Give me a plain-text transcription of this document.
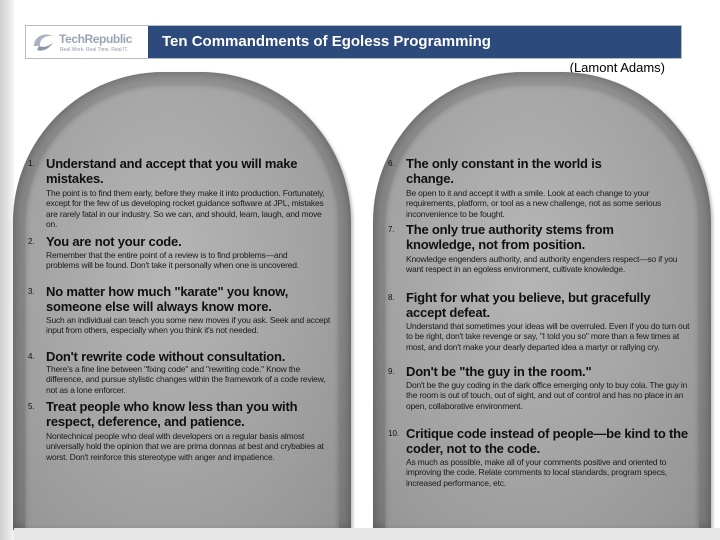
TechRepublic
Real Work. Real Time. Real IT. Ten Commandments of Egoless Programming
(Lamont Adams)
1. Understand and accept that you will make mistakes.
The point is to find them early, before they make it into production. Fortunately, except for the few of us developing rocket guidance software at JPL, mistakes are rarely fatal in our industry. So we can, and should, learn, laugh, and move on.
2. You are not your code.
Remember that the entire point of a review is to find problems—and problems will be found. Don't take it personally when one is uncovered.
3. No matter how much "karate" you know, someone else will always know more.
Such an individual can teach you some new moves if you ask. Seek and accept input from others, especially when you think it's not needed.
4. Don't rewrite code without consultation.
There's a fine line between "fixing code" and "rewriting code." Know the difference, and pursue stylistic changes within the framework of a code review, not as a lone enforcer.
5. Treat people who know less than you with respect, deference, and patience.
Nontechnical people who deal with developers on a regular basis almost universally hold the opinion that we are prima donnas at best and crybabies at worst. Don't reinforce this stereotype with anger and impatience.
6. The only constant in the world is change.
Be open to it and accept it with a smile. Look at each change to your requirements, platform, or tool as a new challenge, not as some serious inconvenience to be fought.
7. The only true authority stems from knowledge, not from position.
Knowledge engenders authority, and authority engenders respect—so if you want respect in an egoless environment, cultivate knowledge.
8. Fight for what you believe, but gracefully accept defeat.
Understand that sometimes your ideas will be overruled. Even if you do turn out to be right, don't take revenge or say, "I told you so" more than a few times at most, and don't make your dearly departed idea a martyr or rallying cry.
9. Don't be "the guy in the room."
Don't be the guy coding in the dark office emerging only to buy cola. The guy in the room is out of touch, out of sight, and out of control and has no place in an open, collaborative environment.
10. Critique code instead of people—be kind to the coder, not to the code.
As much as possible, make all of your comments positive and oriented to improving the code. Relate comments to local standards, program specs, increased performance, etc.
